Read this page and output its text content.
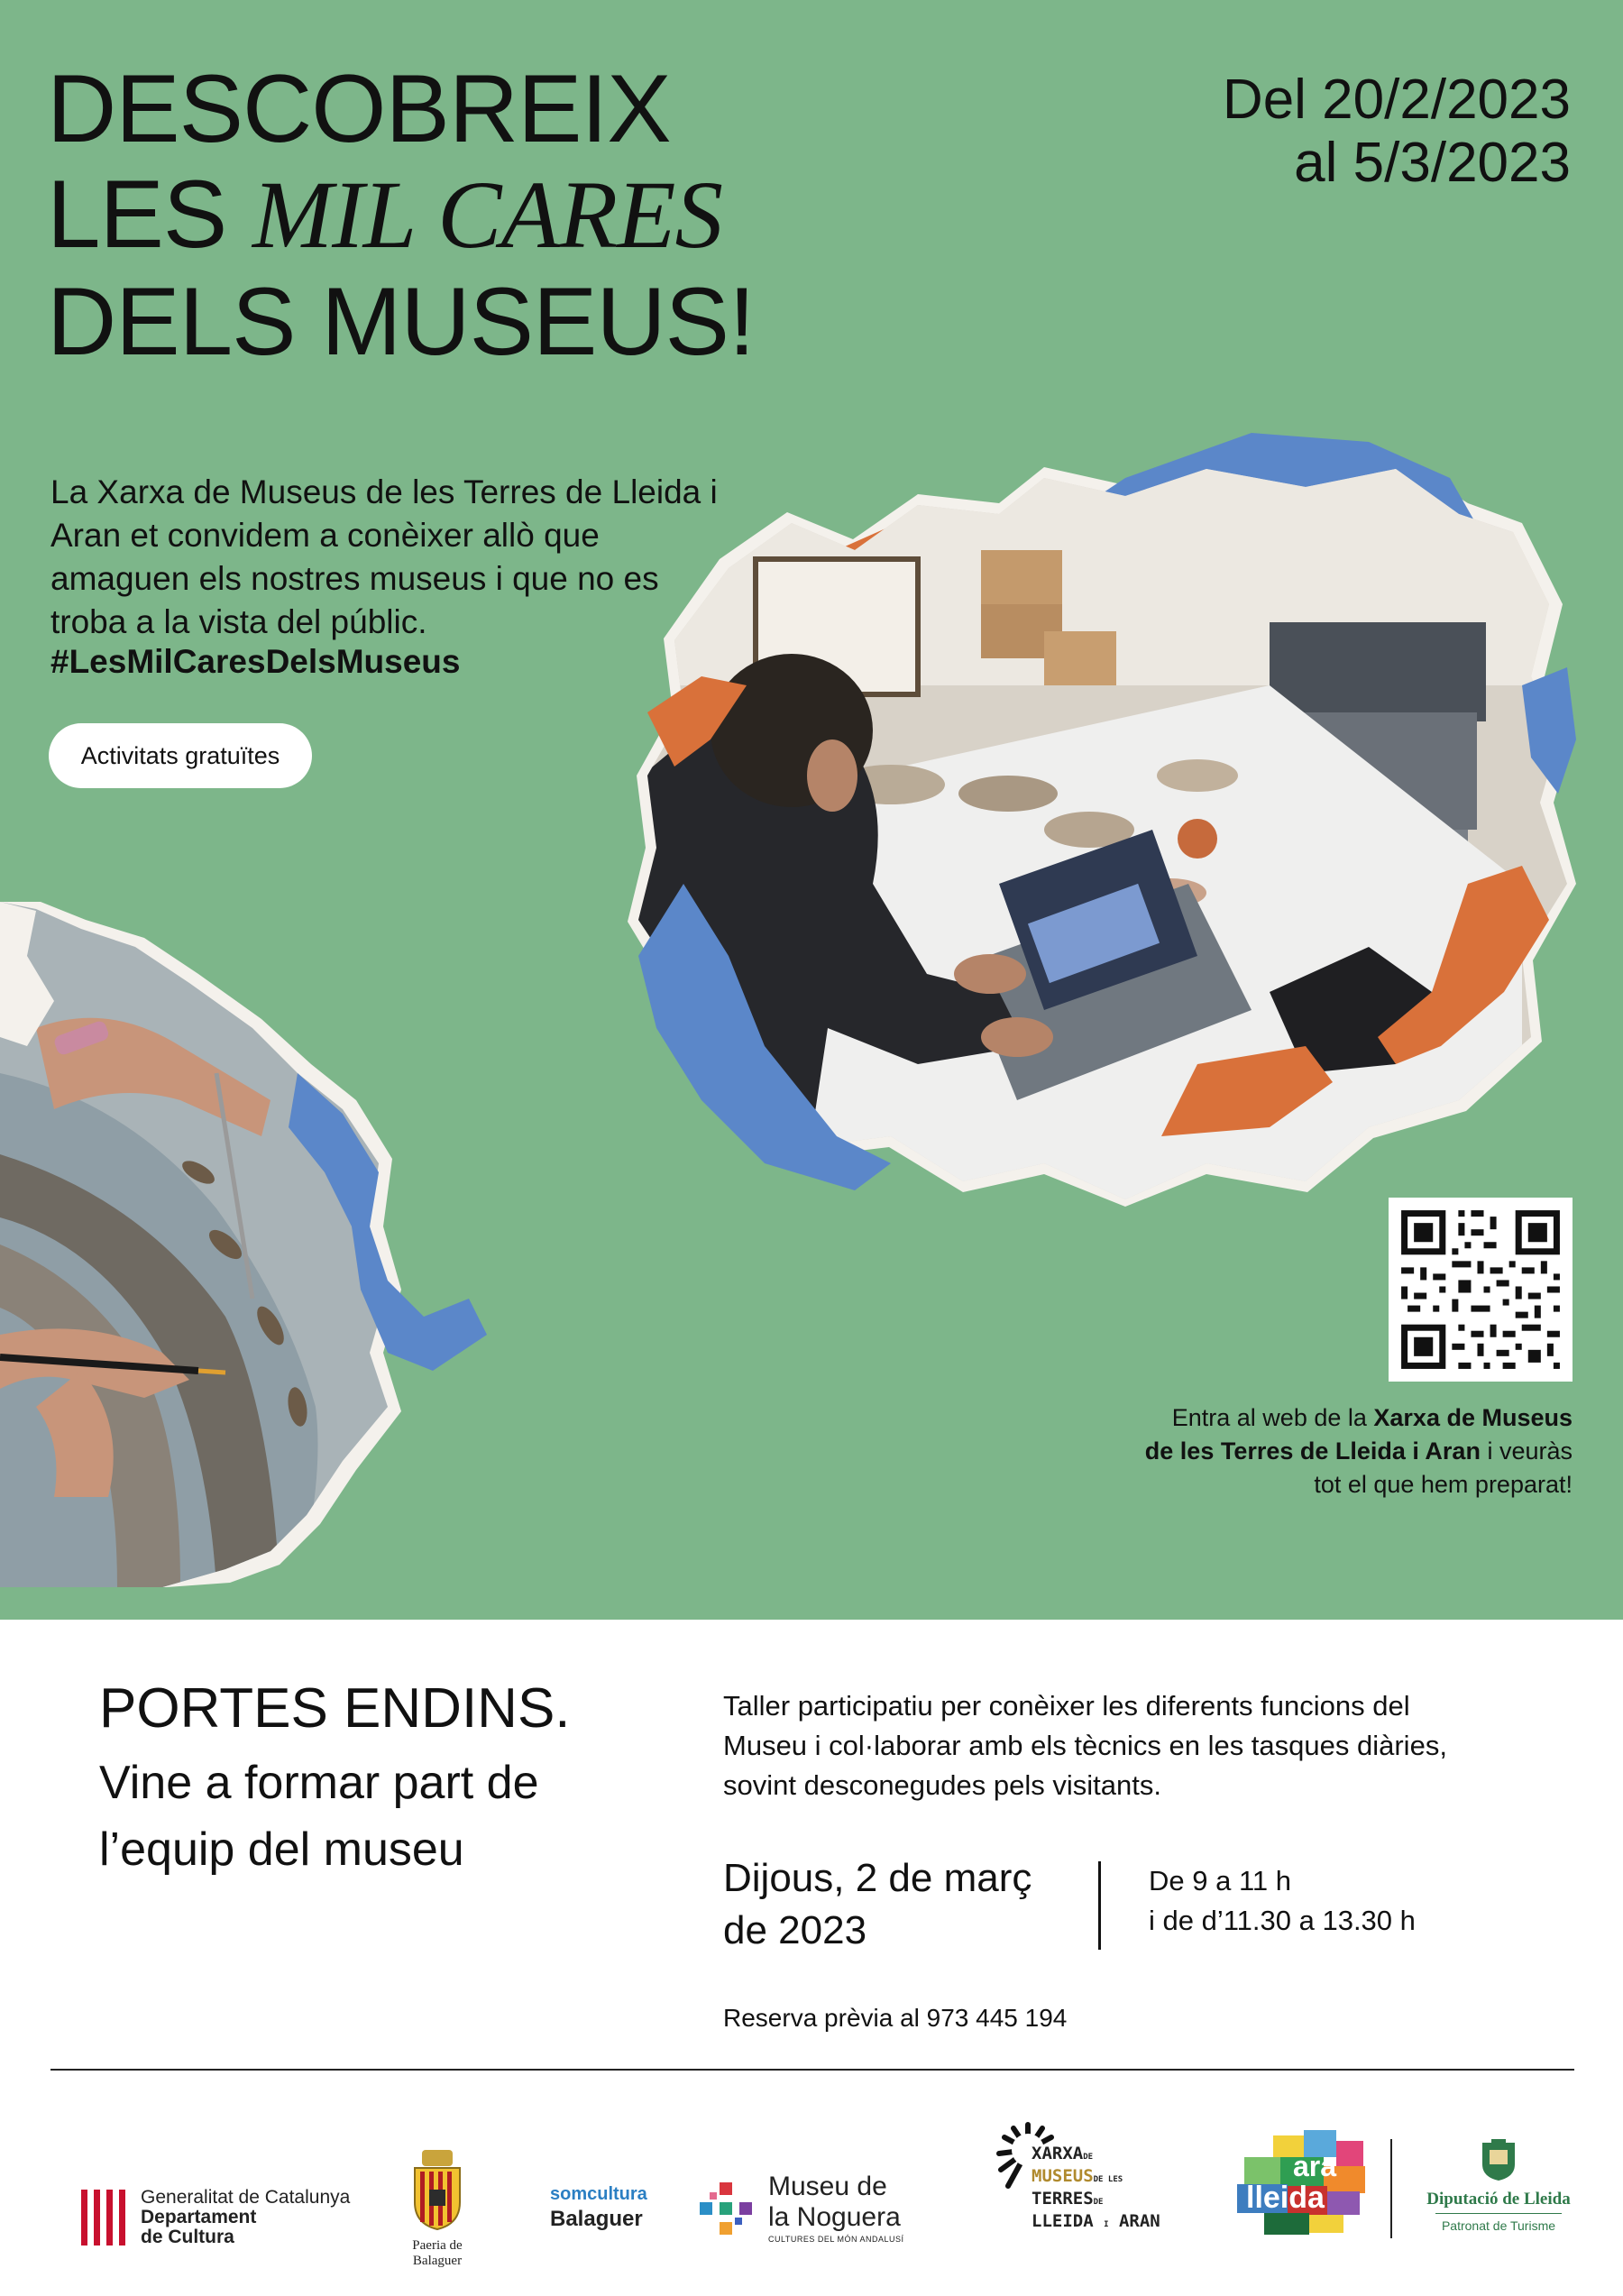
DESCOBREIX
LES MIL CARES
DELS MUSEUS!
Del 20/2/2023
al 5/3/2023

La Xarxa de Museus de les Terres de Lleida i Aran et convidem a conèixer allò que amaguen els nostres museus i que no es troba a la vista del públic.

#LesMilCaresDelsMuseus
Activitats gratuïtes
Entra al web de la Xarxa de Museus de les Terres de Lleida i Aran i veuràs tot el que hem preparat!
PORTES ENDINS.
Vine a formar part de l’equip del museu
Taller participatiu per conèixer les diferents funcions del Museu i col·laborar amb els tècnics en les tasques diàries, sovint desconegudes pels visitants.
Dijous, 2 de març
de 2023
De 9 a 11 h
i de d’11.30 a 13.30 h
Reserva prèvia al 973 445 194
Generalitat de Catalunya
Departament
de Cultura	Paeria de Balaguer
somcultura
Balaguer
Museu de
la Noguera
CULTURES DEL MÓN ANDALUSÍ
XARXADE
MUSEUSDE LES
TERRESDE
LLEIDA I ARAN
ara
lleida	Diputació de Lleida
Patronat de Turisme
